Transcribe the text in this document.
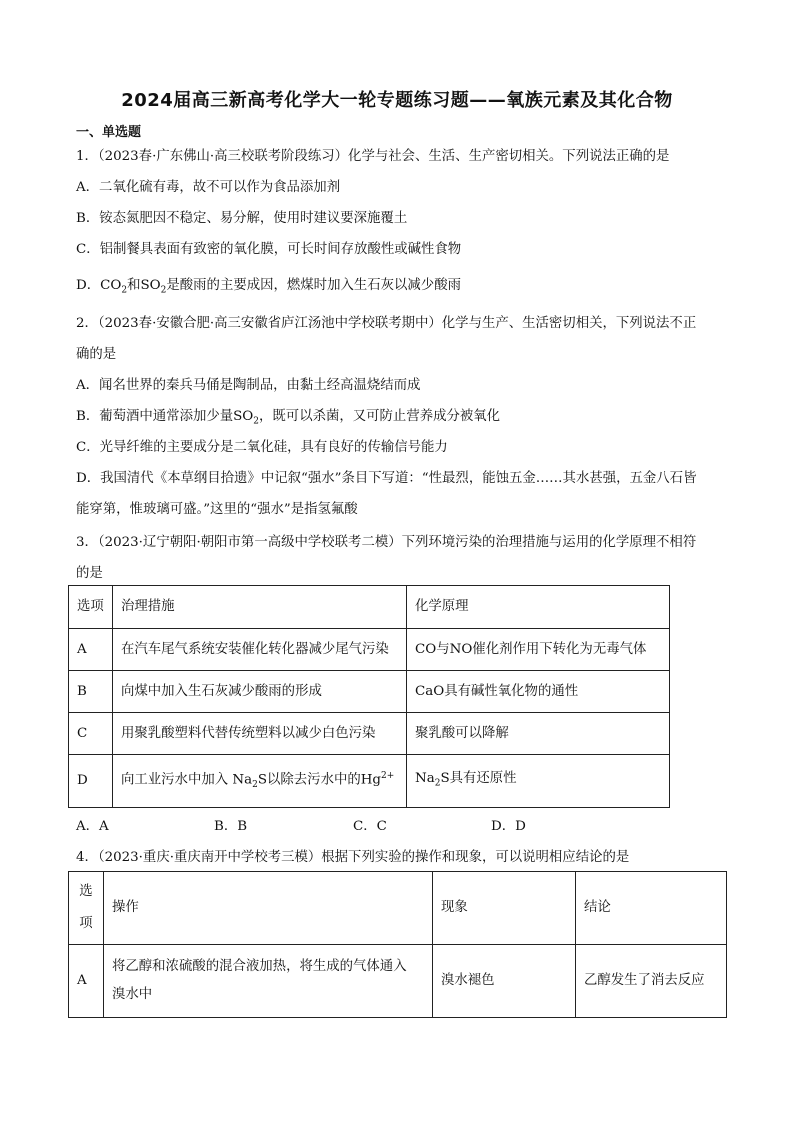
2024届高三新高考化学大一轮专题练习题——氧族元素及其化合物
一、单选题
1．（2023春·广东佛山·高三校联考阶段练习）化学与社会、生活、生产密切相关。下列说法正确的是
A．二氧化硫有毒，故不可以作为食品添加剂
B．铵态氮肥因不稳定、易分解，使用时建议要深施覆土
C．铝制餐具表面有致密的氧化膜，可长时间存放酸性或碱性食物
D．$CO_2$和$SO_2$是酸雨的主要成因，燃煤时加入生石灰以减少酸雨
2．（2023春·安徽合肥·高三安徽省庐江汤池中学校联考期中）化学与生产、生活密切相关，下列说法不正
确的是
A．闻名世界的秦兵马俑是陶制品，由黏土经高温烧结而成
B．葡萄酒中通常添加少量$SO_2$，既可以杀菌，又可防止营养成分被氧化
C．光导纤维的主要成分是二氧化硅，具有良好的传输信号能力
D．我国清代《本草纲目拾遗》中记叙“强水”条目下写道：“性最烈，能蚀五金……其水甚强，五金八石皆
能穿第，惟玻璃可盛。”这里的“强水”是指氢氟酸
3．（2023·辽宁朝阳·朝阳市第一高级中学校联考二模）下列环境污染的治理措施与运用的化学原理不相符
的是
选项	治理措施	化学原理
A	在汽车尾气系统安装催化转化器减少尾气污染	CO与NO催化剂作用下转化为无毒气体
B	向煤中加入生石灰减少酸雨的形成	CaO具有碱性氧化物的通性
C	用聚乳酸塑料代替传统塑料以减少白色污染	聚乳酸可以降解
D	向工业污水中加入 $Na_2S$以除去污水中的$Hg^{2+}$	$Na_2S$具有还原性
A．A	B．B	C．C	D．D
4．（2023·重庆·重庆南开中学校考三模）根据下列实验的操作和现象，可以说明相应结论的是
选项	操作	现象	结论
A	将乙醇和浓硫酸的混合液加热，将生成的气体通入
溴水中	溴水褪色	乙醇发生了消去反应
